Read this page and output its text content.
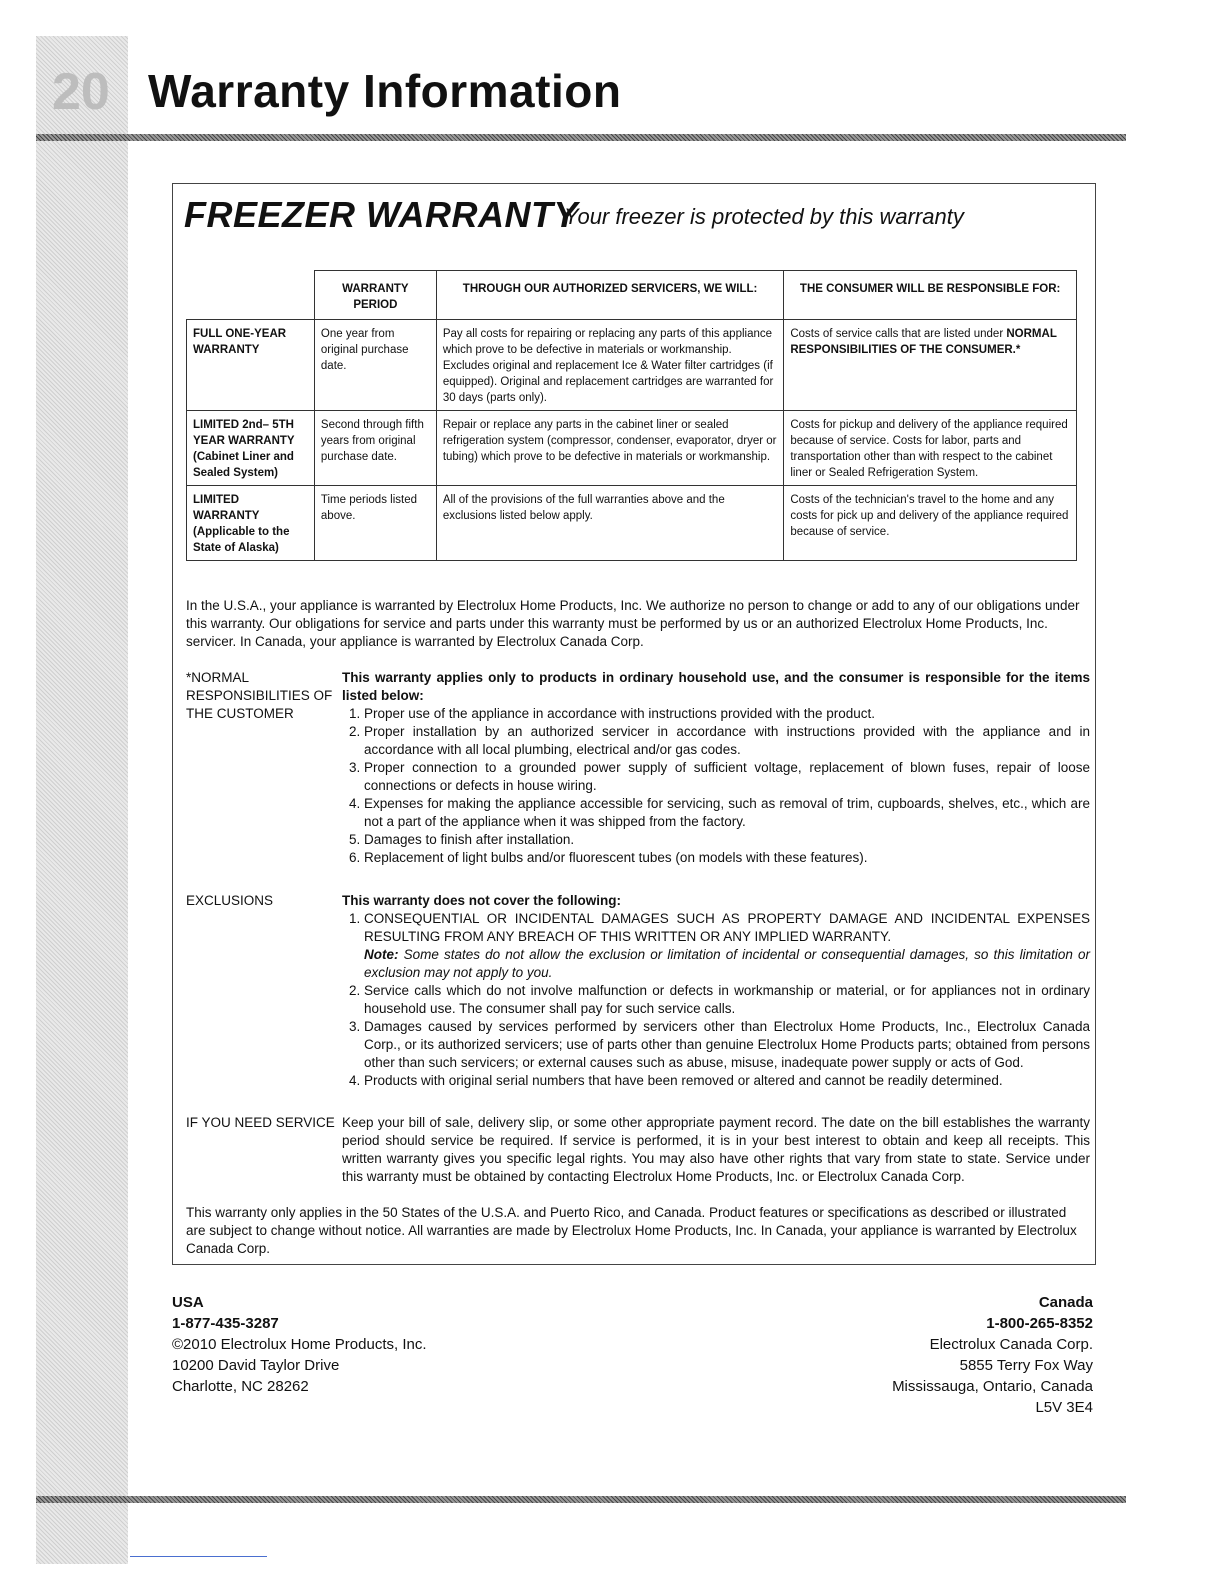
20 Warranty Information
FREEZER WARRANTY
Your freezer is protected by this warranty
	WARRANTY PERIOD	THROUGH OUR AUTHORIZED SERVICERS, WE WILL:	THE CONSUMER WILL BE RESPONSIBLE FOR:
FULL ONE-YEAR WARRANTY	One year from original purchase date.	Pay all costs for repairing or replacing any parts of this appliance which prove to be defective in materials or workmanship. Excludes original and replacement Ice & Water filter cartridges (if equipped). Original and replacement cartridges are warranted for 30 days (parts only).	Costs of service calls that are listed under NORMAL RESPONSIBILITIES OF THE CONSUMER.*
LIMITED 2nd– 5TH YEAR WARRANTY (Cabinet Liner and Sealed System)	Second through fifth years from original purchase date.	Repair or replace any parts in the cabinet liner or sealed refrigeration system (compressor, condenser, evaporator, dryer or tubing) which prove to be defective in materials or workmanship.	Costs for pickup and delivery of the appliance required because of service. Costs for labor, parts and transportation other than with respect to the cabinet liner or Sealed Refrigeration System.
LIMITED WARRANTY (Applicable to the State of Alaska)	Time periods listed above.	All of the provisions of the full warranties above and the exclusions listed below apply.	Costs of the technician's travel to the home and any costs for pick up and delivery of the appliance required because of service.
In the U.S.A., your appliance is warranted by Electrolux Home Products, Inc. We authorize no person to change or add to any of our obligations under this warranty. Our obligations for service and parts under this warranty must be performed by us or an authorized Electrolux Home Products, Inc. servicer. In Canada, your appliance is warranted by Electrolux Canada Corp.
*NORMAL RESPONSIBILITIES OF THE CUSTOMER
This warranty applies only to products in ordinary household use, and the consumer is responsible for the items listed below:
1. Proper use of the appliance in accordance with instructions provided with the product.
2. Proper installation by an authorized servicer in accordance with instructions provided with the appliance and in accordance with all local plumbing, electrical and/or gas codes.
3. Proper connection to a grounded power supply of sufficient voltage, replacement of blown fuses, repair of loose connections or defects in house wiring.
4. Expenses for making the appliance accessible for servicing, such as removal of trim, cupboards, shelves, etc., which are not a part of the appliance when it was shipped from the factory.
5. Damages to finish after installation.
6. Replacement of light bulbs and/or fluorescent tubes (on models with these features).
EXCLUSIONS	This warranty does not cover the following:
1. CONSEQUENTIAL OR INCIDENTAL DAMAGES SUCH AS PROPERTY DAMAGE AND INCIDENTAL EXPENSES RESULTING FROM ANY BREACH OF THIS WRITTEN OR ANY IMPLIED WARRANTY.
Note: Some states do not allow the exclusion or limitation of incidental or consequential damages, so this limitation or exclusion may not apply to you.
2. Service calls which do not involve malfunction or defects in workmanship or material, or for appliances not in ordinary household use. The consumer shall pay for such service calls.
3. Damages caused by services performed by servicers other than Electrolux Home Products, Inc., Electrolux Canada Corp., or its authorized servicers; use of parts other than genuine Electrolux Home Products parts; obtained from persons other than such servicers; or external causes such as abuse, misuse, inadequate power supply or acts of God.
4. Products with original serial numbers that have been removed or altered and cannot be readily determined.
IF YOU NEED SERVICE Keep your bill of sale, delivery slip, or some other appropriate payment record. The date on the bill establishes the warranty period should service be required. If service is performed, it is in your best interest to obtain and keep all receipts. This written warranty gives you specific legal rights. You may also have other rights that vary from state to state. Service under this warranty must be obtained by contacting Electrolux Home Products, Inc. or Electrolux Canada Corp.
This warranty only applies in the 50 States of the U.S.A. and Puerto Rico, and Canada. Product features or specifications as described or illustrated are subject to change without notice. All warranties are made by Electrolux Home Products, Inc. In Canada, your appliance is warranted by Electrolux Canada Corp.
USA
1-877-435-3287
©2010 Electrolux Home Products, Inc.
10200 David Taylor Drive
Charlotte, NC 28262
Canada
1-800-265-8352
Electrolux Canada Corp.
5855 Terry Fox Way
Mississauga, Ontario, Canada
L5V 3E4
